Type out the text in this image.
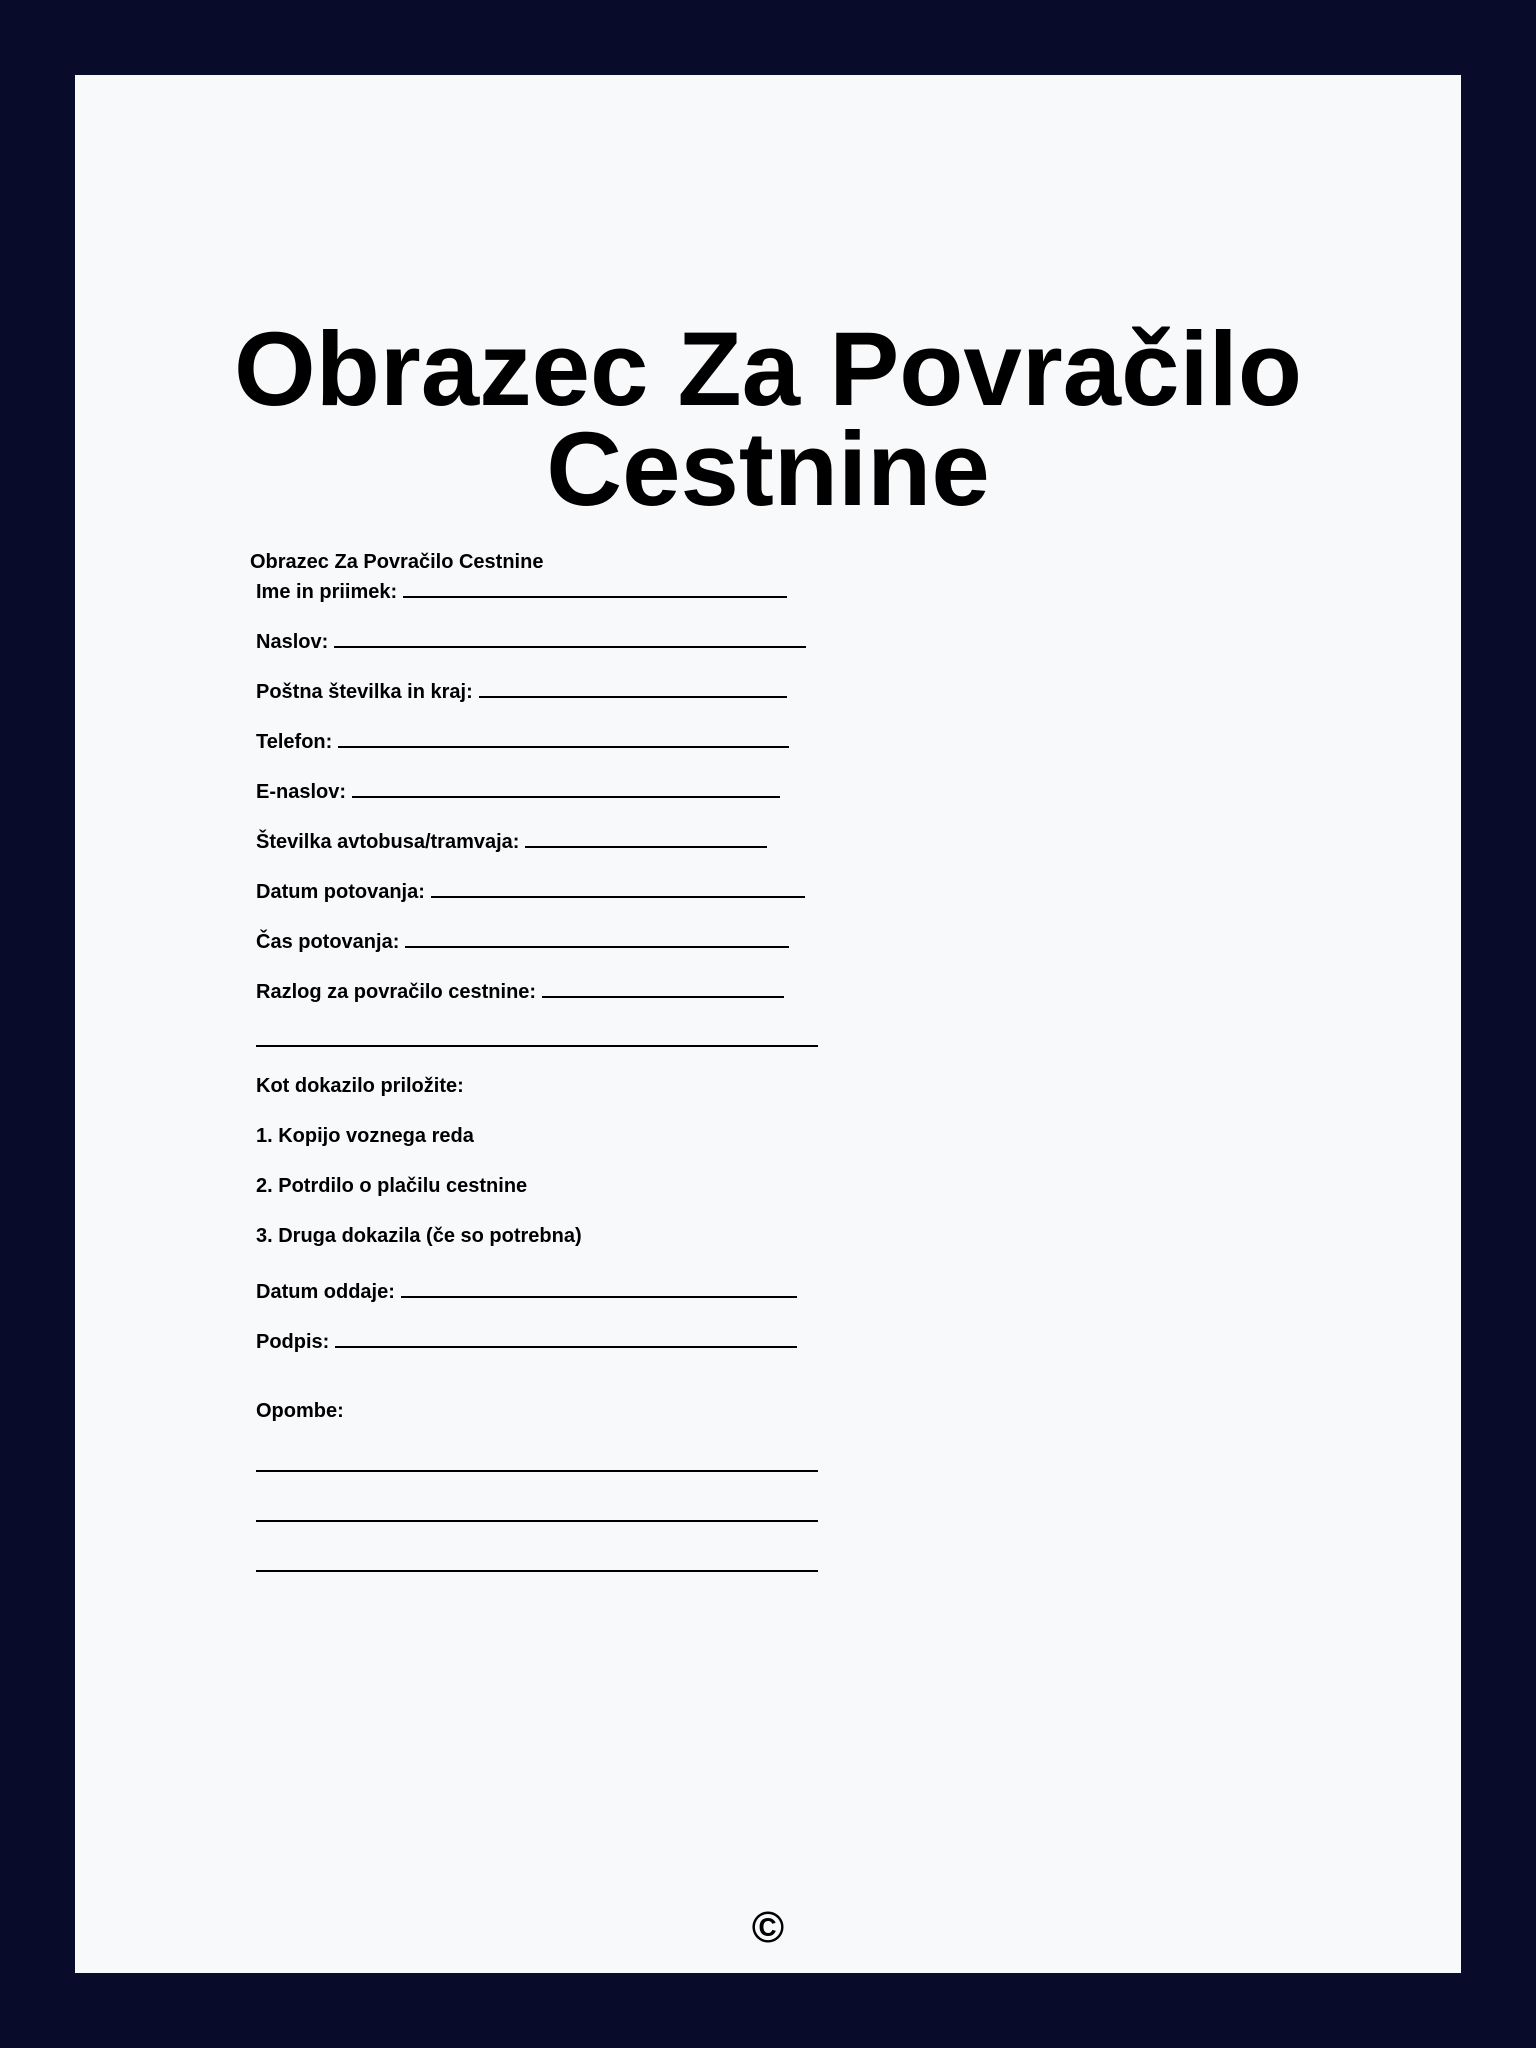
Obrazec Za Povračilo Cestnine

Obrazec Za Povračilo Cestnine

Ime in priimek:
Naslov:
Poštna številka in kraj:
Telefon:
E-naslov:
Številka avtobusa/tramvaja:
Datum potovanja:
Čas potovanja:
Razlog za povračilo cestnine:
Kot dokazilo priložite:
1. Kopijo voznega reda
2. Potrdilo o plačilu cestnine
3. Druga dokazila (če so potrebna)
Datum oddaje:
Podpis:
Opombe:
©
